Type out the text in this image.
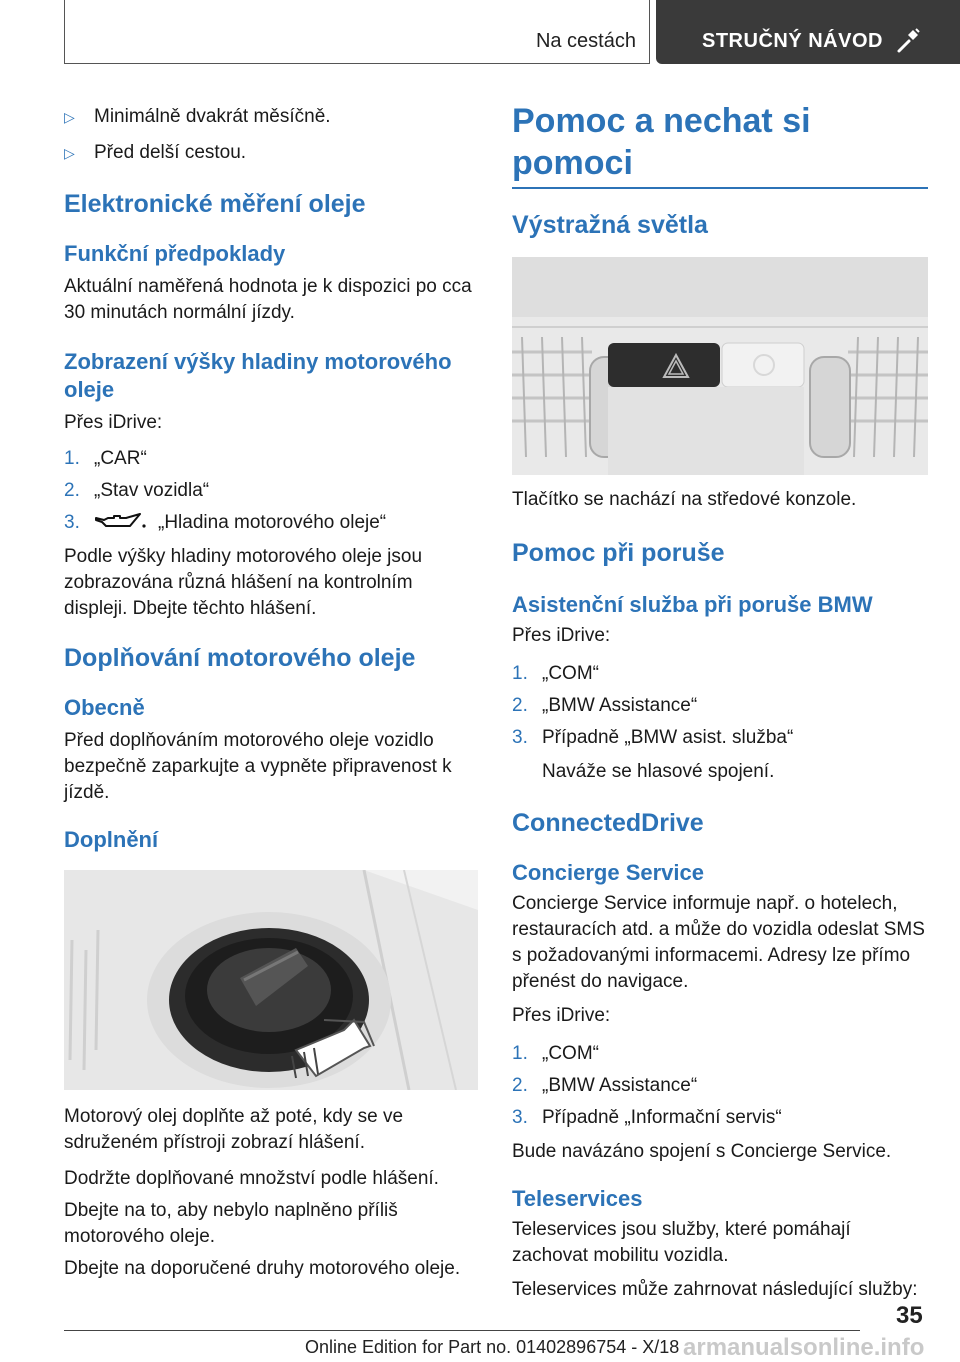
Na cestách	STRUČNÝ NÁVOD
▷	Minimálně dvakrát měsíčně.
▷	Před delší cestou.
Elektronické měření oleje
Funkční předpoklady

Aktuální naměřená hodnota je k dispozici po cca 30 minutách normální jízdy.

Zobrazení výšky hladiny motorového oleje

Přes iDrive:

1. „CAR“
2. „Stav vozidla“
3.	„Hladina motorového oleje“

Podle výšky hladiny motorového oleje jsou zobrazována různá hlášení na kontrolním displeji. Dbejte těchto hlášení.

Doplňování motorového oleje
Obecně

Před doplňováním motorového oleje vozidlo bezpečně zaparkujte a vypněte připravenost k jízdě.

Doplnění

Motorový olej doplňte až poté, kdy se ve sdruženém přístroji zobrazí hlášení.

Dodržte doplňované množství podle hlášení.

Dbejte na to, aby nebylo naplněno příliš motorového oleje.

Dbejte na doporučené druhy motorového oleje.

Pomoc a nechat si pomoci
Výstražná světla

Tlačítko se nachází na středové konzole.

Pomoc při poruše
Asistenční služba při poruše BMW

Přes iDrive:

1. „COM“
2. „BMW Assistance“
3. Případně „BMW asist. služba“
Naváže se hlasové spojení.
ConnectedDrive
Concierge Service

Concierge Service informuje např. o hotelech, restauracích atd. a může do vozidla odeslat SMS s požadovanými informacemi. Adresy lze přímo přenést do navigace.

Přes iDrive:

1. „COM“
2. „BMW Assistance“
3. Případně „Informační servis“

Bude navázáno spojení s Concierge Service.

Teleservices

Teleservices jsou služby, které pomáhají zachovat mobilitu vozidla.

Teleservices může zahrnovat následující služby:

35
Online Edition for Part no. 01402896754 - X/18 armanualsonline.info
